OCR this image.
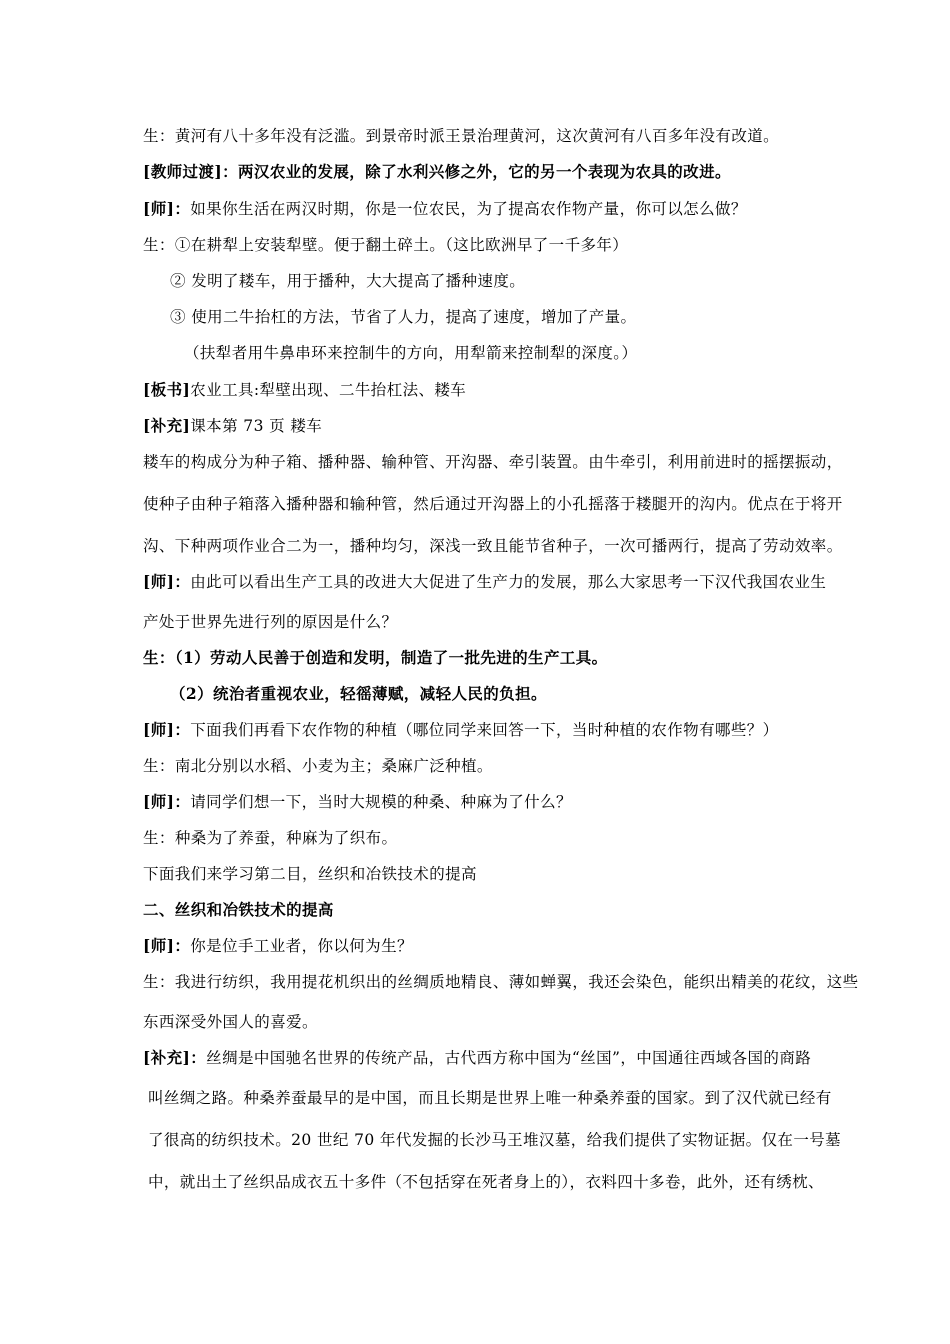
生：黄河有八十多年没有泛滥。到景帝时派王景治理黄河，这次黄河有八百多年没有改道。
[教师过渡]：两汉农业的发展，除了水利兴修之外，它的另一个表现为农具的改进。
[师]：如果你生活在两汉时期，你是一位农民，为了提高农作物产量，你可以怎么做？
生：①在耕犁上安装犁壁。便于翻土碎土。（这比欧洲早了一千多年）
② 发明了耧车，用于播种，大大提高了播种速度。
③ 使用二牛抬杠的方法，节省了人力，提高了速度，增加了产量。
（扶犁者用牛鼻串环来控制牛的方向，用犁箭来控制犁的深度。）
[板书]农业工具:犁壁出现、二牛抬杠法、耧车
[补充]课本第 73 页 耧车
耧车的构成分为种子箱、播种器、输种管、开沟器、牵引装置。由牛牵引，利用前进时的摇摆振动，
使种子由种子箱落入播种器和输种管，然后通过开沟器上的小孔摇落于耧腿开的沟内。优点在于将开
沟、下种两项作业合二为一，播种均匀，深浅一致且能节省种子，一次可播两行，提高了劳动效率。
[师]：由此可以看出生产工具的改进大大促进了生产力的发展，那么大家思考一下汉代我国农业生
产处于世界先进行列的原因是什么？
生：（1）劳动人民善于创造和发明，制造了一批先进的生产工具。
（2）统治者重视农业，轻徭薄赋，减轻人民的负担。
[师]：下面我们再看下农作物的种植（哪位同学来回答一下，当时种植的农作物有哪些？）
生：南北分别以水稻、小麦为主；桑麻广泛种植。
[师]：请同学们想一下，当时大规模的种桑、种麻为了什么？
生：种桑为了养蚕，种麻为了织布。
下面我们来学习第二目，丝织和冶铁技术的提高
二、丝织和冶铁技术的提高
[师]：你是位手工业者，你以何为生？
生：我进行纺织，我用提花机织出的丝绸质地精良、薄如蝉翼，我还会染色，能织出精美的花纹，这些
东西深受外国人的喜爱。
[补充]：丝绸是中国驰名世界的传统产品，古代西方称中国为“丝国”，中国通往西域各国的商路
叫丝绸之路。种桑养蚕最早的是中国，而且长期是世界上唯一种桑养蚕的国家。到了汉代就已经有
了很高的纺织技术。20 世纪 70 年代发掘的长沙马王堆汉墓，给我们提供了实物证据。仅在一号墓
中，就出土了丝织品成衣五十多件（不包括穿在死者身上的），衣料四十多卷，此外，还有绣枕、
